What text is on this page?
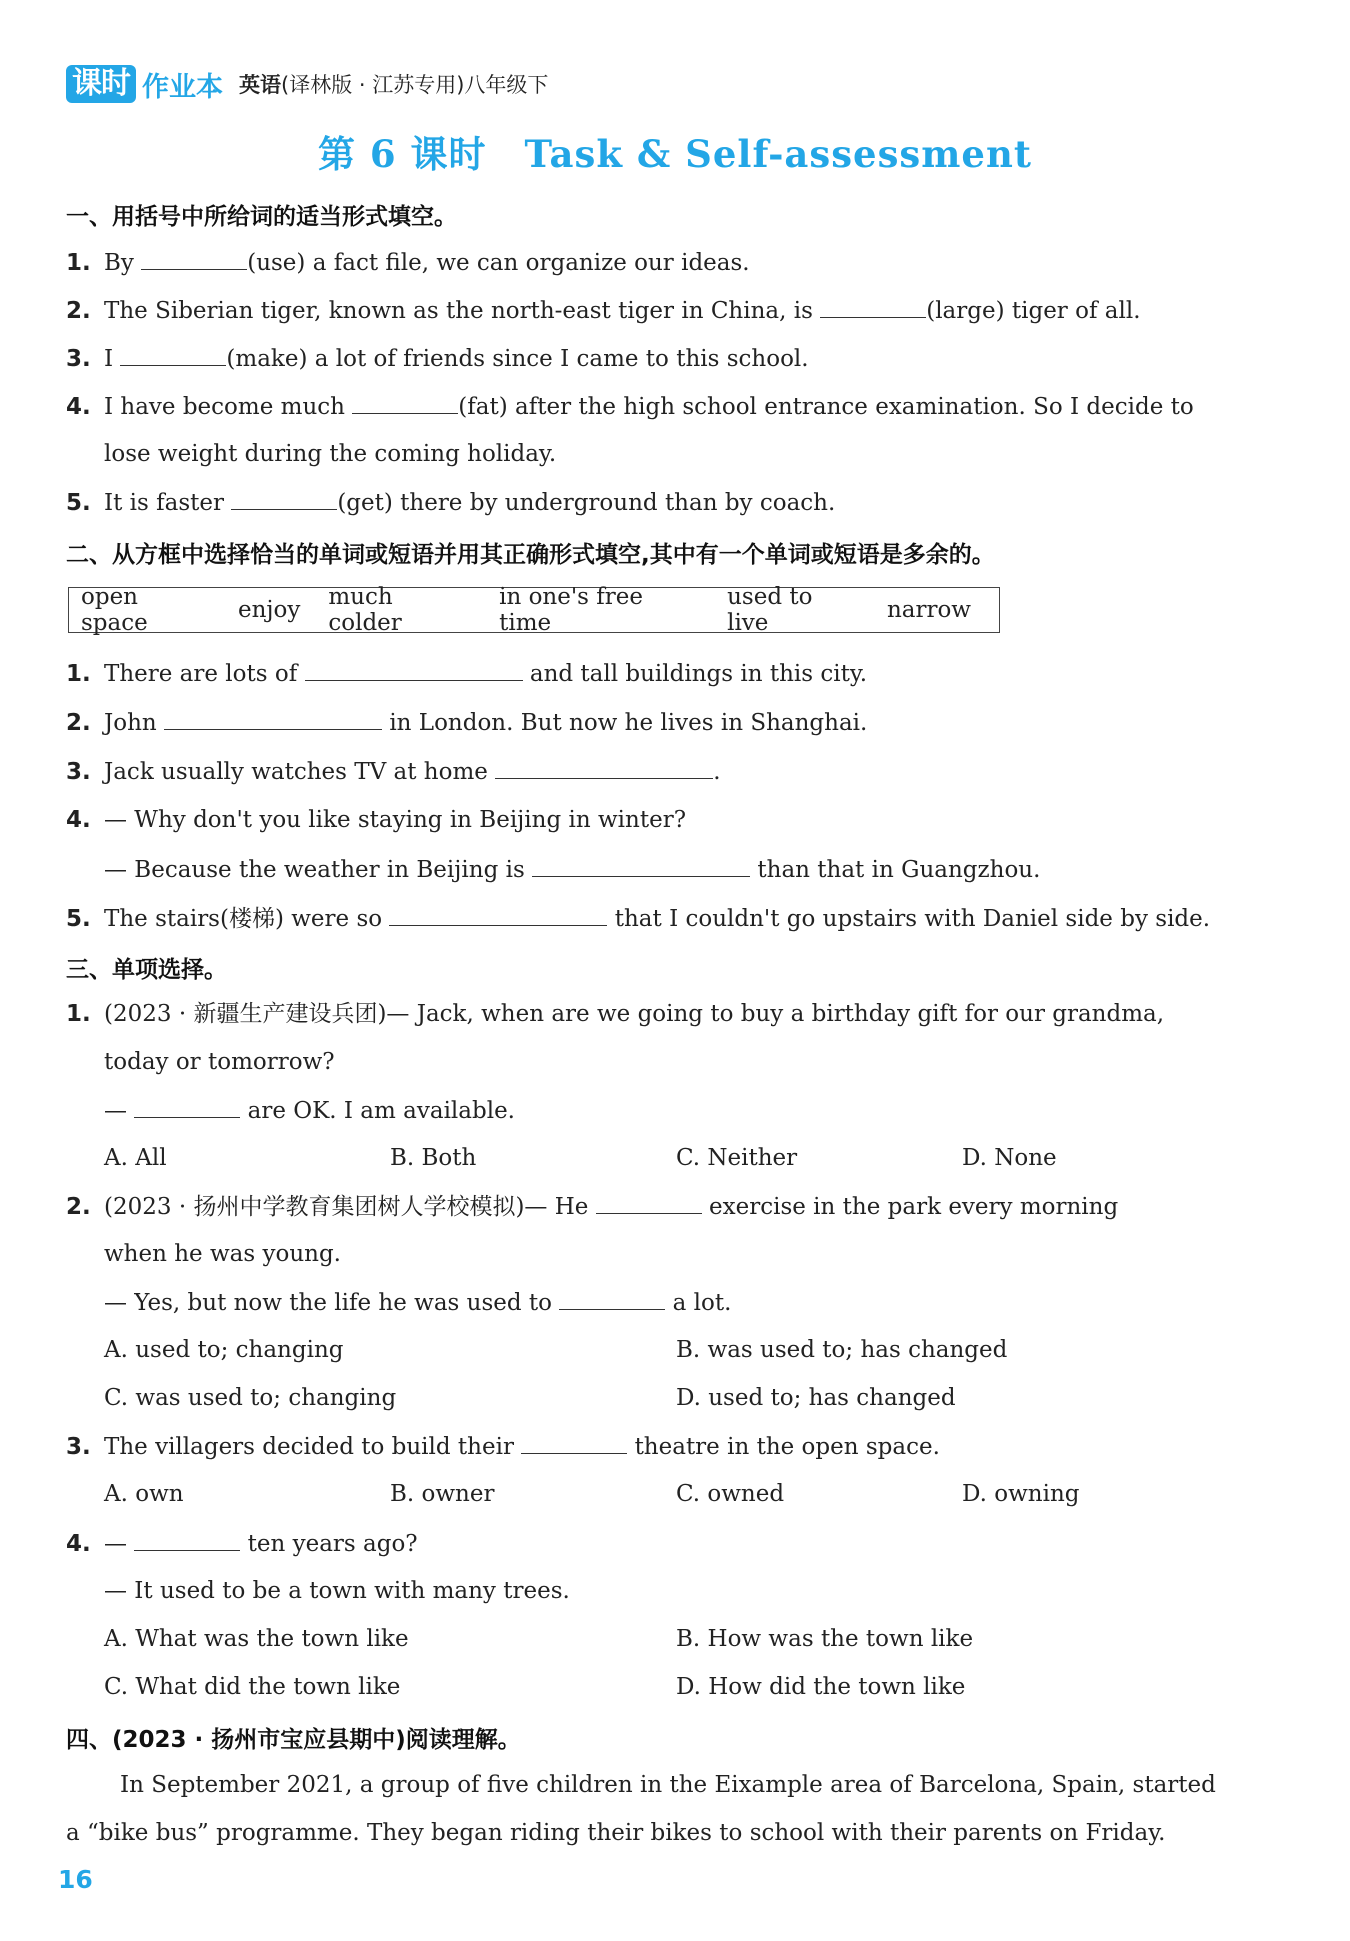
课时 作业本 英语(译林版 · 江苏专用)八年级下
第 6 课时　Task & Self-assessment
一、用括号中所给词的适当形式填空。
1. By	(use) a fact file, we can organize our ideas.
2. The Siberian tiger, known as the north-east tiger in China, is	(large) tiger of all.
3. I	(make) a lot of friends since I came to this school.
4. I have become much	(fat) after the high school entrance examination. So I decide to
lose weight during the coming holiday.
5. It is faster	(get) there by underground than by coach.
二、从方框中选择恰当的单词或短语并用其正确形式填空,其中有一个单词或短语是多余的。
open space	enjoy much colder
in one's free time
used to live	narrow
1. There are lots of	and tall buildings in this city.
2. John	in London. But now he lives in Shanghai.
3. Jack usually watches TV at home	.
4. — Why don't you like staying in Beijing in winter?
— Because the weather in Beijing is	than that in Guangzhou.
5. The stairs(楼梯) were so	that I couldn't go upstairs with Daniel side by side.
三、单项选择。
1. (2023 · 新疆生产建设兵团)— Jack, when are we going to buy a birthday gift for our grandma,
today or tomorrow?
—	are OK. I am available.
A. All	B. Both	C. Neither	D. None
2. (2023 · 扬州中学教育集团树人学校模拟)— He	exercise in the park every morning
when he was young.
— Yes, but now the life he was used to	a lot.
A. used to; changing	B. was used to; has changed
C. was used to; changing	D. used to; has changed
3. The villagers decided to build their	theatre in the open space.
A. own	B. owner	C. owned	D. owning
4. —	ten years ago?
— It used to be a town with many trees.
A. What was the town like	B. How was the town like
C. What did the town like	D. How did the town like
四、(2023 · 扬州市宝应县期中)阅读理解。
In September 2021, a group of five children in the Eixample area of Barcelona, Spain, started
a “bike bus” programme. They began riding their bikes to school with their parents on Friday.
16
